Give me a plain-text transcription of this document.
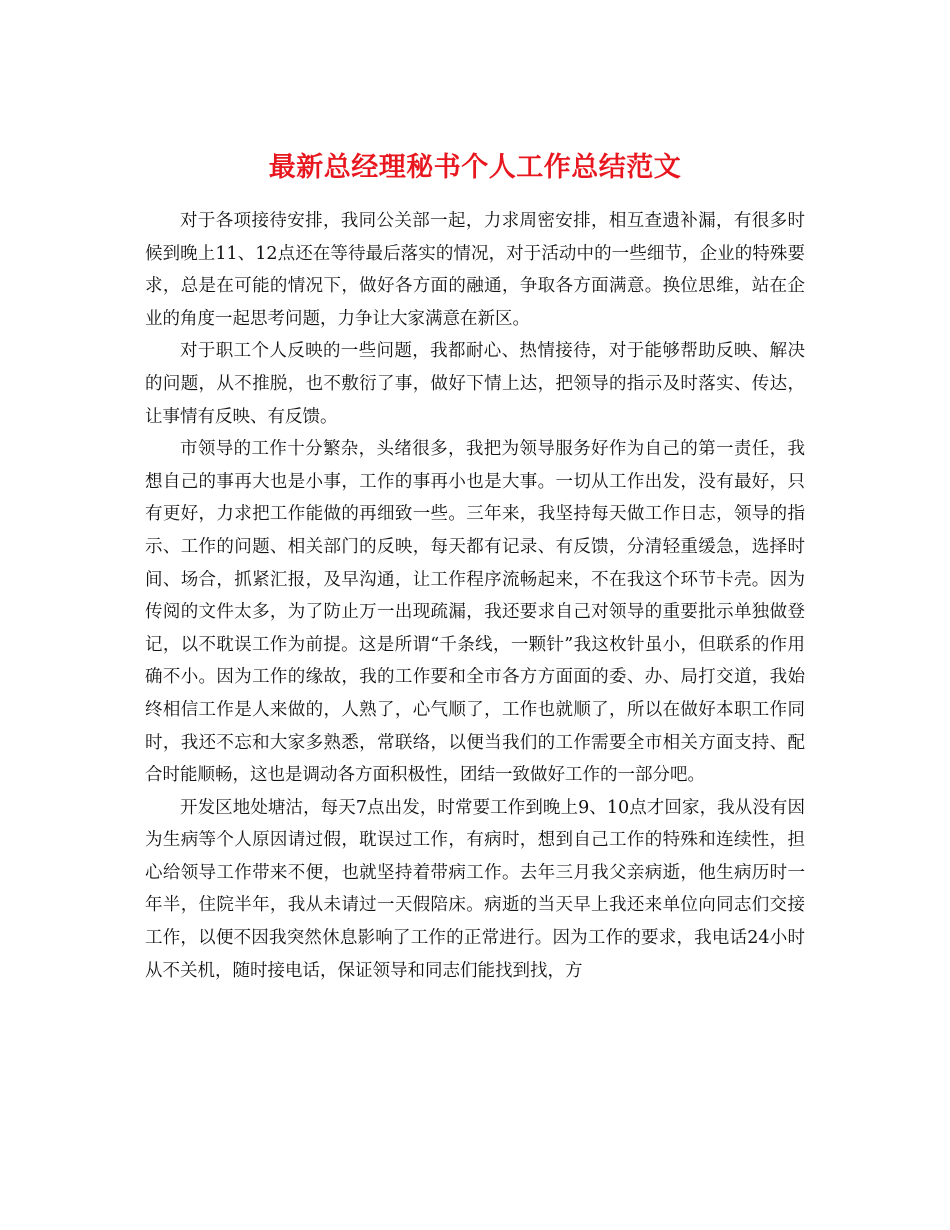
最新总经理秘书个人工作总结范文

对于各项接待安排，我同公关部一起，力求周密安排，相互查遗补漏，有很多时候到晚上11、12点还在等待最后落实的情况，对于活动中的一些细节，企业的特殊要求，总是在可能的情况下，做好各方面的融通，争取各方面满意。换位思维，站在企业的角度一起思考问题，力争让大家满意在新区。

对于职工个人反映的一些问题，我都耐心、热情接待，对于能够帮助反映、解决的问题，从不推脱，也不敷衍了事，做好下情上达，把领导的指示及时落实、传达，让事情有反映、有反馈。

市领导的工作十分繁杂，头绪很多，我把为领导服务好作为自己的第一责任，我想自己的事再大也是小事，工作的事再小也是大事。一切从工作出发，没有最好，只有更好，力求把工作能做的再细致一些。三年来，我坚持每天做工作日志，领导的指示、工作的问题、相关部门的反映，每天都有记录、有反馈，分清轻重缓急，选择时间、场合，抓紧汇报，及早沟通，让工作程序流畅起来，不在我这个环节卡壳。因为传阅的文件太多，为了防止万一出现疏漏，我还要求自己对领导的重要批示单独做登记，以不耽误工作为前提。这是所谓“千条线，一颗针”我这枚针虽小，但联系的作用确不小。因为工作的缘故，我的工作要和全市各方方面面的委、办、局打交道，我始终相信工作是人来做的，人熟了，心气顺了，工作也就顺了，所以在做好本职工作同时，我还不忘和大家多熟悉，常联络，以便当我们的工作需要全市相关方面支持、配合时能顺畅，这也是调动各方面积极性，团结一致做好工作的一部分吧。

开发区地处塘沽，每天7点出发，时常要工作到晚上9、10点才回家，我从没有因为生病等个人原因请过假，耽误过工作，有病时，想到自己工作的特殊和连续性，担心给领导工作带来不便，也就坚持着带病工作。去年三月我父亲病逝，他生病历时一年半，住院半年，我从未请过一天假陪床。病逝的当天早上我还来单位向同志们交接工作，以便不因我突然休息影响了工作的正常进行。因为工作的要求，我电话24小时从不关机，随时接电话，保证领导和同志们能找到找，方
